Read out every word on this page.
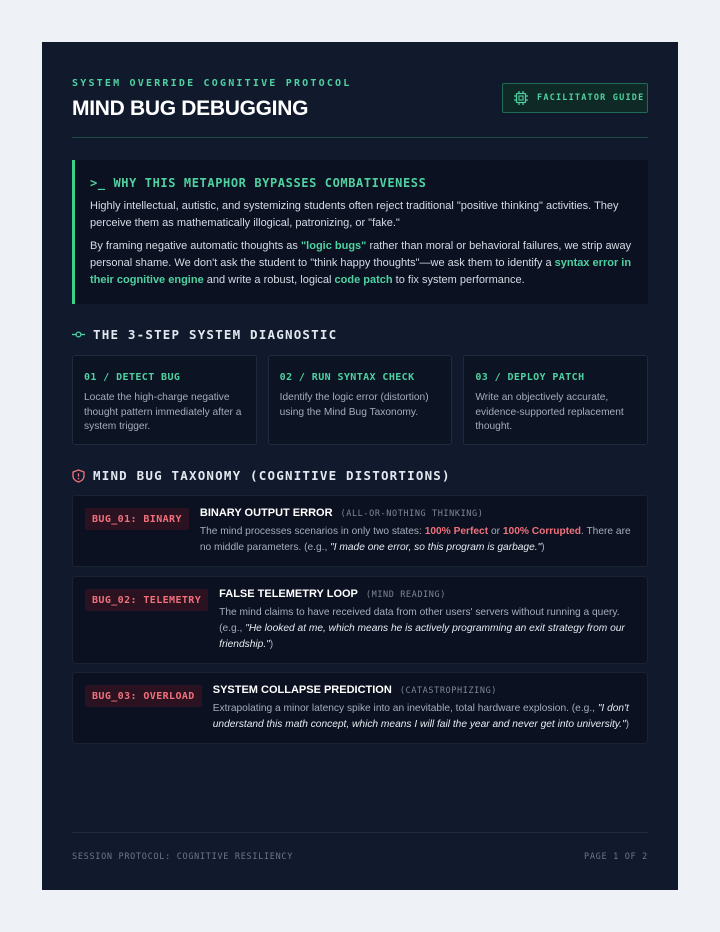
SYSTEM OVERRIDE COGNITIVE PROTOCOL
MIND BUG DEBUGGING	FACILITATOR GUIDE
>_ WHY THIS METAPHOR BYPASSES COMBATIVENESS

Highly intellectual, autistic, and systemizing students often reject traditional "positive thinking" activities. They perceive them as mathematically illogical, patronizing, or "fake."

By framing negative automatic thoughts as "logic bugs" rather than moral or behavioral failures, we strip away personal shame. We don't ask the student to "think happy thoughts"—we ask them to identify a syntax error in their cognitive engine and write a robust, logical code patch to fix system performance.

THE 3-STEP SYSTEM DIAGNOSTIC
01 / DETECT BUG
Locate the high-charge negative thought pattern immediately after a system trigger.
02 / RUN SYNTAX CHECK
Identify the logic error (distortion) using the Mind Bug Taxonomy.
03 / DEPLOY PATCH
Write an objectively accurate, evidence-supported replacement thought.
MIND BUG TAXONOMY (COGNITIVE DISTORTIONS)
BUG_01: BINARY	BINARY OUTPUT ERROR (ALL-OR-NOTHING THINKING)
The mind processes scenarios in only two states: 100% Perfect or 100% Corrupted. There are no middle parameters. (e.g., "I made one error, so this program is garbage.")
BUG_02: TELEMETRY	FALSE TELEMETRY LOOP (MIND READING)
The mind claims to have received data from other users' servers without running a query. (e.g., "He looked at me, which means he is actively programming an exit strategy from our friendship.")
BUG_03: OVERLOAD	SYSTEM COLLAPSE PREDICTION (CATASTROPHIZING)
Extrapolating a minor latency spike into an inevitable, total hardware explosion. (e.g., "I don't understand this math concept, which means I will fail the year and never get into university.")
SESSION PROTOCOL: COGNITIVE RESILIENCY	PAGE 1 OF 2
